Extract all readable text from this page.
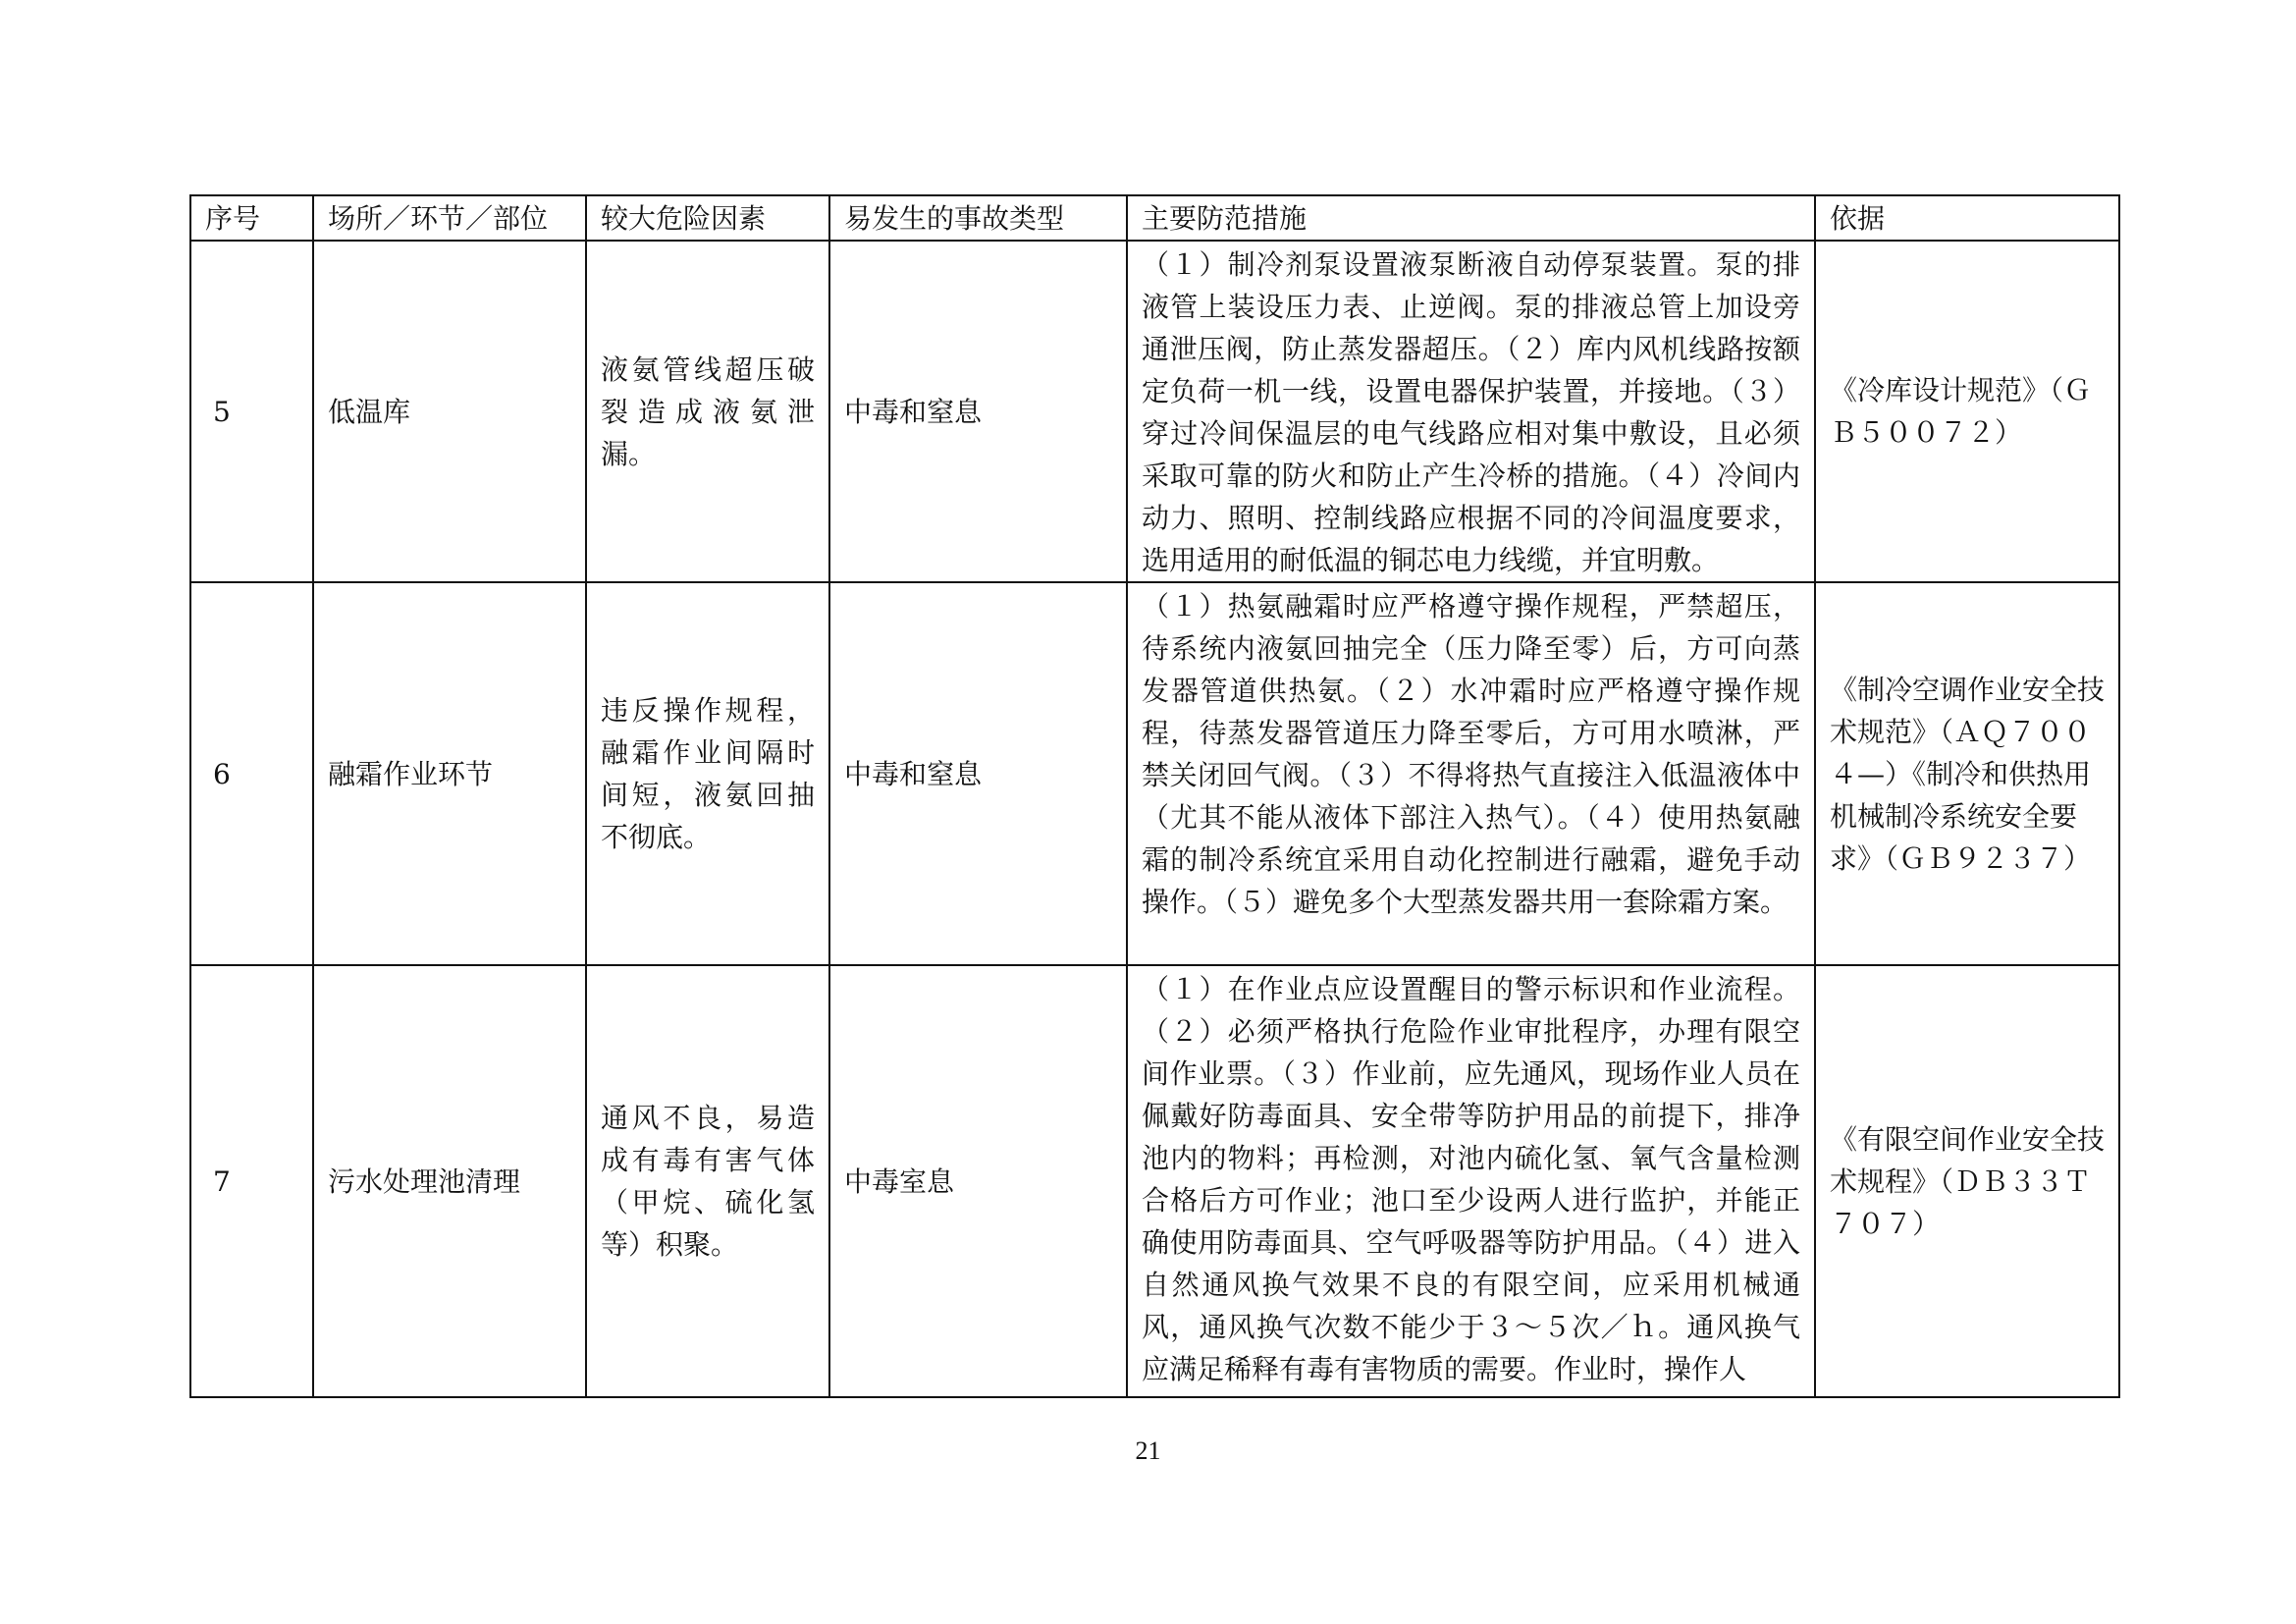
序号	场所／环节／部位	较大危险因素	易发生的事故类型	主要防范措施	依据
5	低温库	液氨管线超压破裂造成液氨泄漏。	中毒和窒息	（１）制冷剂泵设置液泵断液自动停泵装置。泵的排液管上装设压力表、止逆阀。泵的排液总管上加设旁通泄压阀，防止蒸发器超压。（２）库内风机线路按额定负荷一机一线，设置电器保护装置，并接地。（３）穿过冷间保温层的电气线路应相对集中敷设，且必须采取可靠的防火和防止产生冷桥的措施。（４）冷间内动力、照明、控制线路应根据不同的冷间温度要求，选用适用的耐低温的铜芯电力线缆，并宜明敷。	《冷库设计规范》（ＧＢ５００７２）
6	融霜作业环节	违反操作规程，融霜作业间隔时间短，液氨回抽不彻底。	中毒和窒息	（１）热氨融霜时应严格遵守操作规程，严禁超压，待系统内液氨回抽完全（压力降至零）后，方可向蒸发器管道供热氨。（２）水冲霜时应严格遵守操作规程，待蒸发器管道压力降至零后，方可用水喷淋，严禁关闭回气阀。（３）不得将热气直接注入低温液体中（尤其不能从液体下部注入热气）。（４）使用热氨融霜的制冷系统宜采用自动化控制进行融霜，避免手动操作。（５）避免多个大型蒸发器共用一套除霜方案。	《制冷空调作业安全技术规范》（ＡＱ７００４—）《制冷和供热用机械制冷系统安全要求》（ＧＢ９２３７）
7	污水处理池清理	通风不良，易造成有毒有害气体（甲烷、硫化氢等）积聚。	中毒室息	（１）在作业点应设置醒目的警示标识和作业流程。（２）必须严格执行危险作业审批程序，办理有限空间作业票。（３）作业前，应先通风，现场作业人员在佩戴好防毒面具、安全带等防护用品的前提下，排净池内的物料；再检测，对池内硫化氢、氧气含量检测合格后方可作业；池口至少设两人进行监护，并能正确使用防毒面具、空气呼吸器等防护用品。（４）进入自然通风换气效果不良的有限空间，应采用机械通风，通风换气次数不能少于３～５次／ｈ。通风换气应满足稀释有毒有害物质的需要。作业时，操作人	《有限空间作业安全技术规程》（ＤＢ３３Ｔ７０７）
21
